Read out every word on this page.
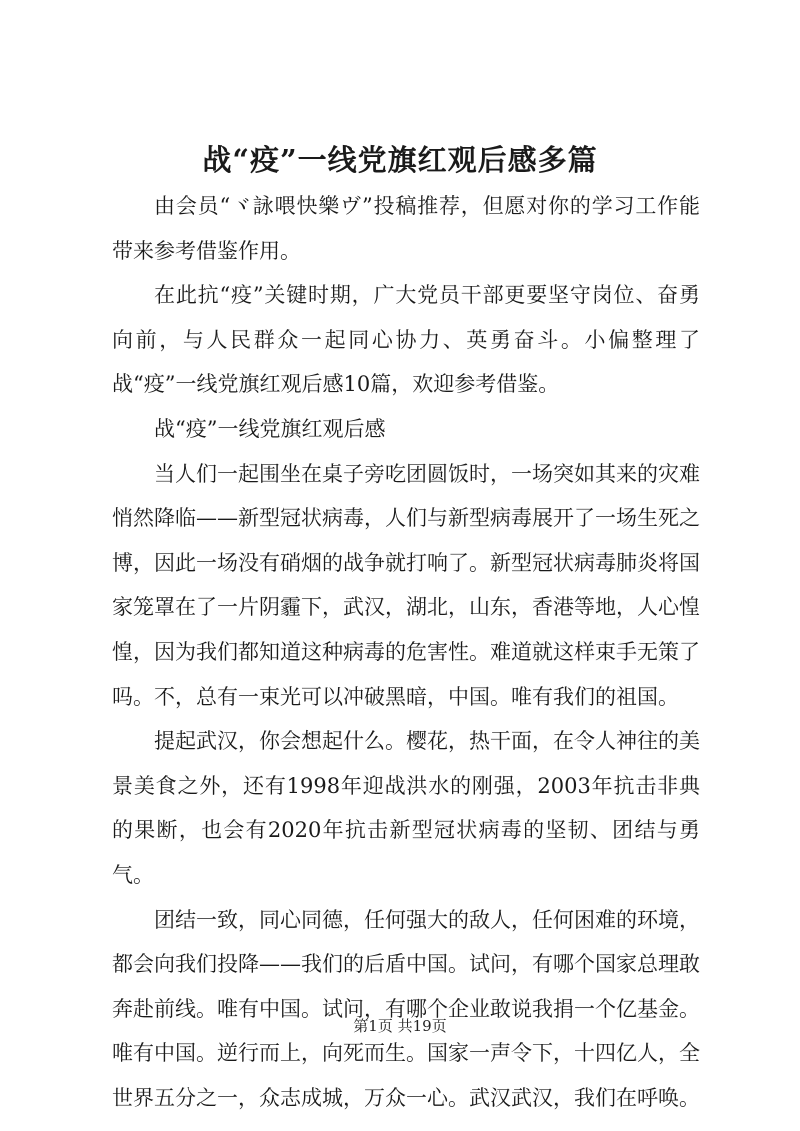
战“疫”一线党旗红观后感多篇

由会员“ヾ詠喂快樂ヴ”投稿推荐，但愿对你的学习工作能带来参考借鉴作用。

在此抗“疫”关键时期，广大党员干部更要坚守岗位、奋勇向前，与人民群众一起同心协力、英勇奋斗。小偏整理了战“疫”一线党旗红观后感10篇，欢迎参考借鉴。

战“疫”一线党旗红观后感

当人们一起围坐在桌子旁吃团圆饭时，一场突如其来的灾难悄然降临——新型冠状病毒，人们与新型病毒展开了一场生死之博，因此一场没有硝烟的战争就打响了。新型冠状病毒肺炎将国家笼罩在了一片阴霾下，武汉，湖北，山东，香港等地，人心惶惶，因为我们都知道这种病毒的危害性。难道就这样束手无策了吗。不，总有一束光可以冲破黑暗，中国。唯有我们的祖国。

提起武汉，你会想起什么。樱花，热干面，在令人神往的美景美食之外，还有1998年迎战洪水的刚强，2003年抗击非典的果断，也会有2020年抗击新型冠状病毒的坚韧、团结与勇气。

团结一致，同心同德，任何强大的敌人，任何困难的环境，都会向我们投降——我们的后盾中国。试问，有哪个国家总理敢奔赴前线。唯有中国。试问，有哪个企业敢说我捐一个亿基金。唯有中国。逆行而上，向死而生。国家一声令下，十四亿人，全世界五分之一，众志成城，万众一心。武汉武汉，我们在呼唤。

第1页 共19页
